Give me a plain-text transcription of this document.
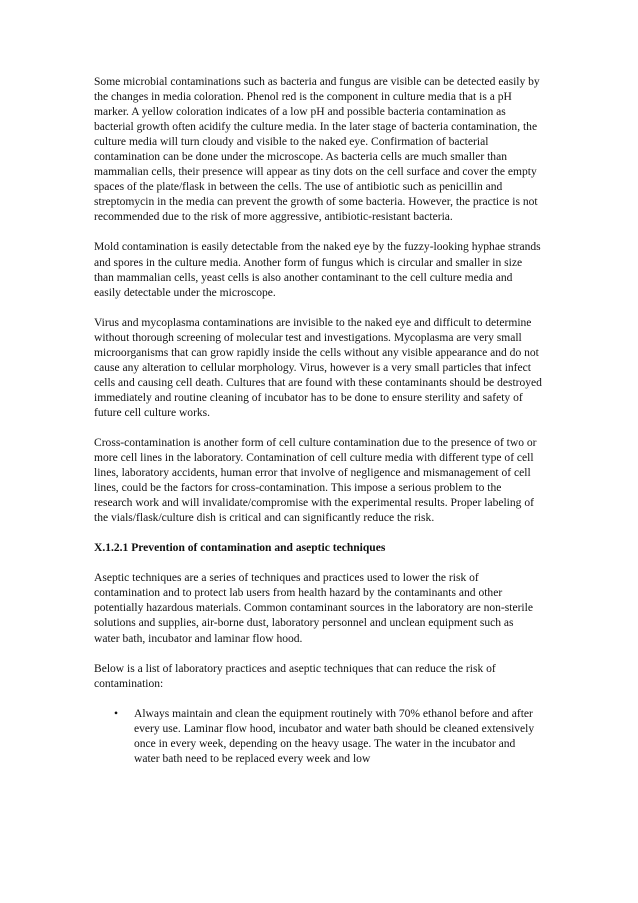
Some microbial contaminations such as bacteria and fungus are visible can be detected easily by the changes in media coloration. Phenol red is the component in culture media that is a pH marker. A yellow coloration indicates of a low pH and possible bacteria contamination as bacterial growth often acidify the culture media. In the later stage of bacteria contamination, the culture media will turn cloudy and visible to the naked eye. Confirmation of bacterial contamination can be done under the microscope. As bacteria cells are much smaller than mammalian cells, their presence will appear as tiny dots on the cell surface and cover the empty spaces of the plate/flask in between the cells. The use of antibiotic such as penicillin and streptomycin in the media can prevent the growth of some bacteria. However, the practice is not recommended due to the risk of more aggressive, antibiotic-resistant bacteria.

Mold contamination is easily detectable from the naked eye by the fuzzy-looking hyphae strands and spores in the culture media. Another form of fungus which is circular and smaller in size than mammalian cells, yeast cells is also another contaminant to the cell culture media and easily detectable under the microscope.

Virus and mycoplasma contaminations are invisible to the naked eye and difficult to determine without thorough screening of molecular test and investigations. Mycoplasma are very small microorganisms that can grow rapidly inside the cells without any visible appearance and do not cause any alteration to cellular morphology. Virus, however is a very small particles that infect cells and causing cell death. Cultures that are found with these contaminants should be destroyed immediately and routine cleaning of incubator has to be done to ensure sterility and safety of future cell culture works.

Cross-contamination is another form of cell culture contamination due to the presence of two or more cell lines in the laboratory. Contamination of cell culture media with different type of cell lines, laboratory accidents, human error that involve of negligence and mismanagement of cell lines, could be the factors for cross-contamination. This impose a serious problem to the research work and will invalidate/compromise with the experimental results. Proper labeling of the vials/flask/culture dish is critical and can significantly reduce the risk.

X.1.2.1 Prevention of contamination and aseptic techniques

Aseptic techniques are a series of techniques and practices used to lower the risk of contamination and to protect lab users from health hazard by the contaminants and other potentially hazardous materials. Common contaminant sources in the laboratory are non-sterile solutions and supplies, air-borne dust, laboratory personnel and unclean equipment such as water bath, incubator and laminar flow hood.

Below is a list of laboratory practices and aseptic techniques that can reduce the risk of contamination:

• Always maintain and clean the equipment routinely with 70% ethanol before and after every use. Laminar flow hood, incubator and water bath should be cleaned extensively once in every week, depending on the heavy usage. The water in the incubator and water bath need to be replaced every week and low
